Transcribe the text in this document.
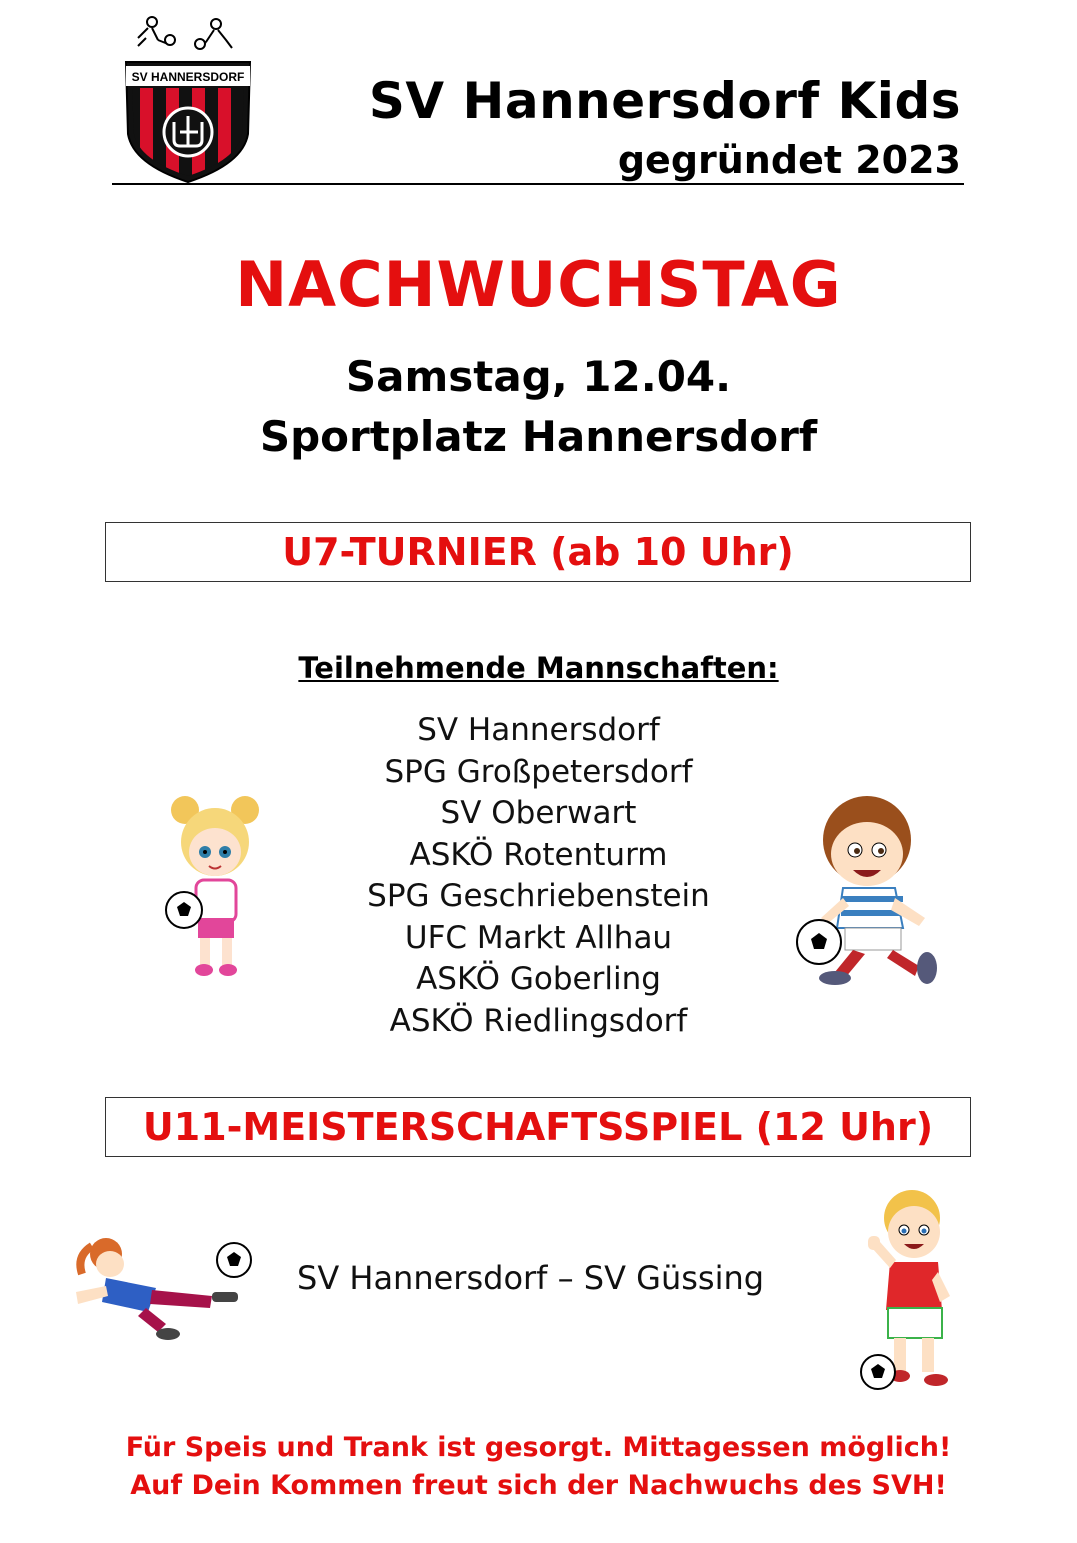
SV HANNERSDORF SV Hannersdorf Kids
gegründet 2023
NACHWUCHSTAG
Samstag, 12.04.
Sportplatz Hannersdorf
U7-TURNIER (ab 10 Uhr)
Teilnehmende Mannschaften:
SV Hannersdorf
SPG Großpetersdorf
SV Oberwart
ASKÖ Rotenturm
SPG Geschriebenstein
UFC Markt Allhau
ASKÖ Goberling
ASKÖ Riedlingsdorf
U11-MEISTERSCHAFTSSPIEL (12 Uhr)
SV Hannersdorf – SV Güssing
Für Speis und Trank ist gesorgt. Mittagessen möglich!
Auf Dein Kommen freut sich der Nachwuchs des SVH!
